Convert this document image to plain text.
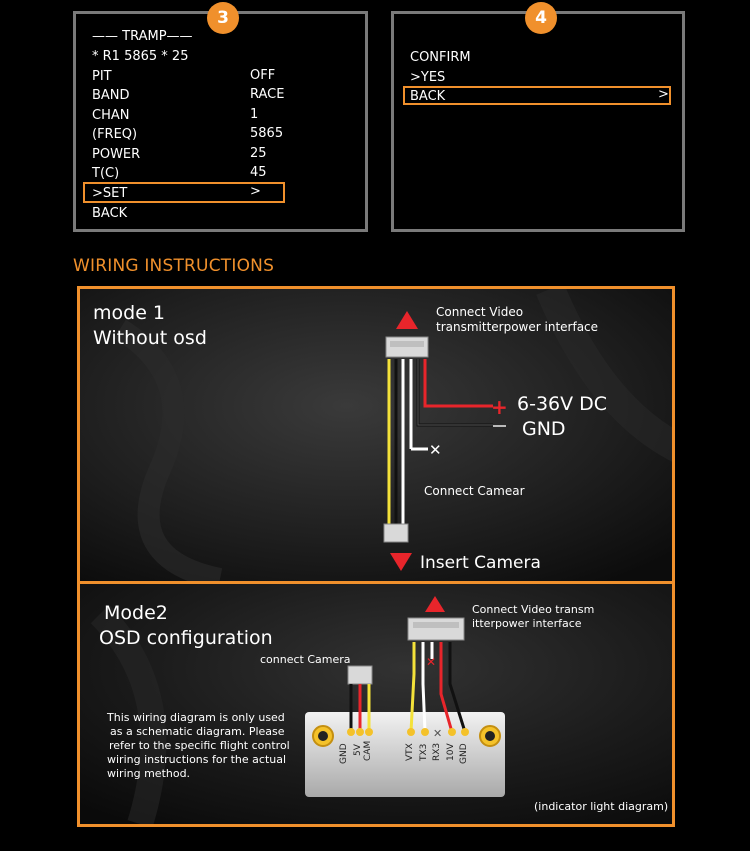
3
—— TRAMP——
* R1 5865 * 25
PIT	OFF
BAND	RACE
CHAN	1
(FREQ)	5865
POWER	25
T(C)	45
>SET	>
BACK
4
CONFIRM
>YES
BACK	>
WIRING INSTRUCTIONS
✕
+
mode 1
Without osd
Connect Video
transmitterpower interface
6-36V DC
GND
Connect Camear
Insert Camera
✕
✕
GND 5V CAM	VTX TX3 RX3 10V GND
Mode2
OSD configuration
Connect Video transm
itterpower interface
connect Camera
This wiring diagram is only used
as a schematic diagram. Please
refer to the specific flight control
wiring instructions for the actual
wiring method.
(indicator light diagram)
